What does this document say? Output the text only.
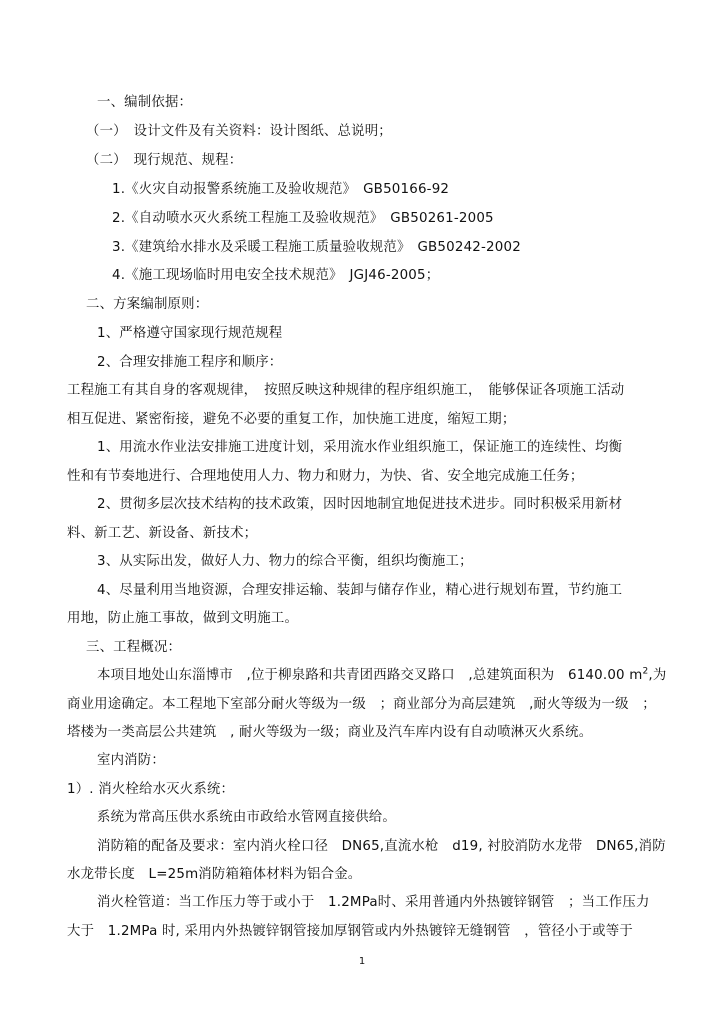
一、编制依据：
（一）　设计文件及有关资料：设计图纸、总说明；
（二）　现行规范、规程：
1.《火灾自动报警系统施工及验收规范》　GB50166-92
2.《自动喷水灭火系统工程施工及验收规范》　GB50261-2005
3.《建筑给水排水及采暖工程施工质量验收规范》　GB50242-2002
4.《施工现场临时用电安全技术规范》　JGJ46-2005；
二、方案编制原则：
1、严格遵守国家现行规范规程
2、合理安排施工程序和顺序：
工程施工有其自身的客观规律，　按照反映这种规律的程序组织施工，　能够保证各项施工活动
相互促进、紧密衔接，避免不必要的重复工作，加快施工进度，缩短工期；
1、用流水作业法安排施工进度计划，采用流水作业组织施工，保证施工的连续性、均衡
性和有节奏地进行、合理地使用人力、物力和财力，为快、省、安全地完成施工任务；
2、贯彻多层次技术结构的技术政策，因时因地制宜地促进技术进步。同时积极采用新材
料、新工艺、新设备、新技术；
3、从实际出发，做好人力、物力的综合平衡，组织均衡施工；
4、尽量利用当地资源，合理安排运输、装卸与储存作业，精心进行规划布置，节约施工
用地，防止施工事故，做到文明施工。
三、工程概况：
本项目地处山东淄博市　,位于柳泉路和共青团西路交叉路口　,总建筑面积为　6140.00 $m^2$,为
商业用途确定。本工程地下室部分耐火等级为一级　；商业部分为高层建筑　,耐火等级为一级　；
塔楼为一类高层公共建筑　, 耐火等级为一级；商业及汽车库内设有自动喷淋灭火系统。
室内消防：
1）. 消火栓给水灭火系统：
系统为常高压供水系统由市政给水管网直接供给。
消防箱的配备及要求：室内消火栓口径　DN65,直流水枪　d19, 衬胶消防水龙带　DN65,消防
水龙带长度　L=25m消防箱箱体材料为铝合金。
消火栓管道：当工作压力等于或小于　1.2MPa时、采用普通内外热镀锌钢管　；当工作压力
大于　1.2MPa 时, 采用内外热镀锌钢管接加厚钢管或内外热镀锌无缝钢管　，管径小于或等于
1
